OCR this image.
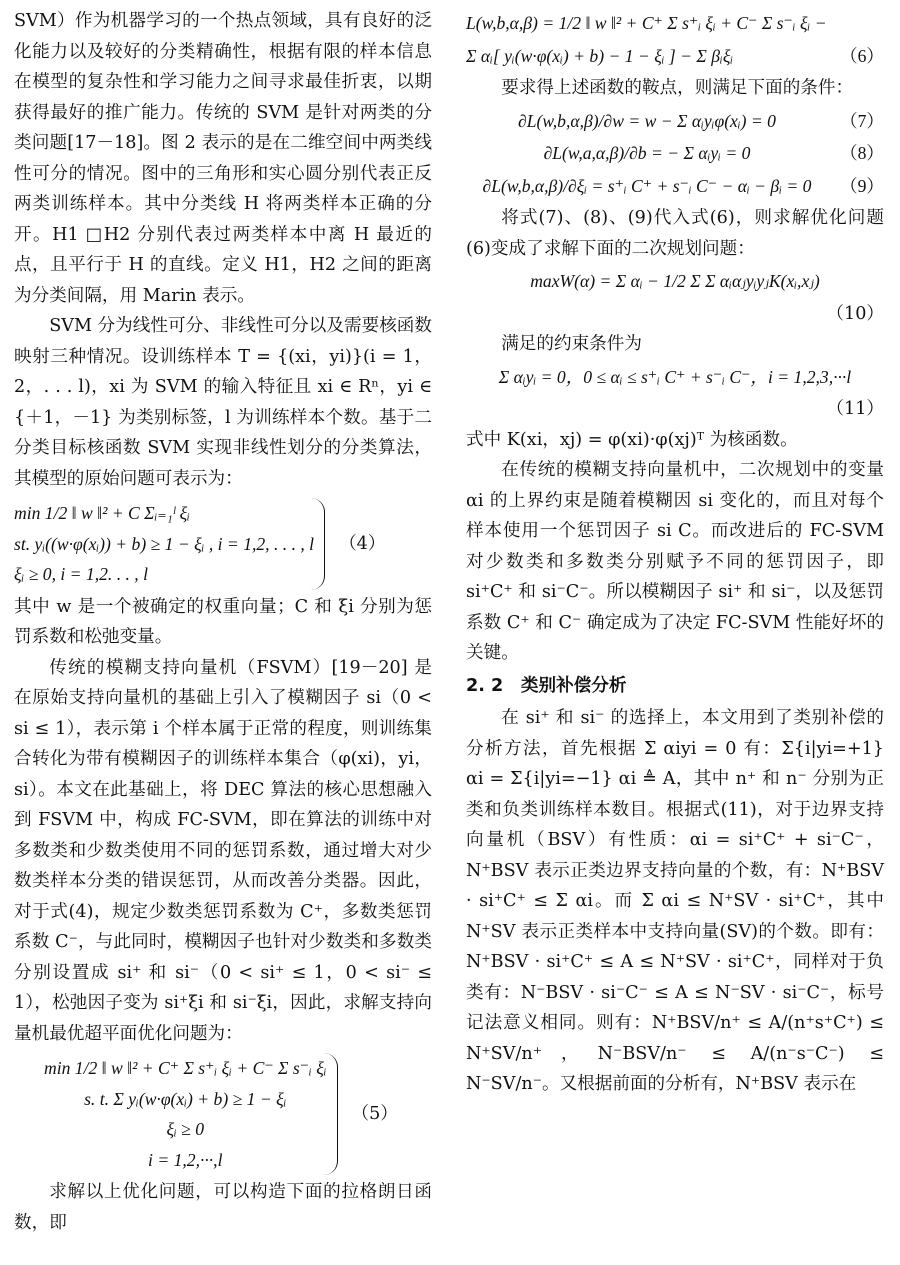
SVM）作为机器学习的一个热点领域，具有良好的泛化能力以及较好的分类精确性，根据有限的样本信息在模型的复杂性和学习能力之间寻求最佳折衷，以期获得最好的推广能力。传统的 SVM 是针对两类的分类问题[17－18]。图 2 表示的是在二维空间中两类线性可分的情况。图中的三角形和实心圆分别代表正反两类训练样本。其中分类线 H 将两类样本正确的分开。H1 □H2 分别代表过两类样本中离 H 最近的点，且平行于 H 的直线。定义 H1，H2 之间的距离为分类间隔，用 Marin 表示。

SVM 分为线性可分、非线性可分以及需要核函数映射三种情况。设训练样本 T = {(xi，yi)}(i = 1，2，. . . l)，xi 为 SVM 的输入特征且 xi ∈ Rⁿ，yi ∈ {＋1，－1} 为类别标签，l 为训练样本个数。基于二分类目标核函数 SVM 实现非线性划分的分类算法，其模型的原始问题可表示为：

min 1/2 ‖ w ‖² + C Σᵢ₌₁ˡ ξᵢ
st. yᵢ((w·φ(xᵢ)) + b) ≥ 1 − ξᵢ , i = 1,2, . . . , l
ξᵢ ≥ 0, i = 1,2. . . , l
（4）

其中 w 是一个被确定的权重向量；C 和 ξi 分别为惩罚系数和松弛变量。

传统的模糊支持向量机（FSVM）[19－20] 是在原始支持向量机的基础上引入了模糊因子 si（0 < si ≤ 1），表示第 i 个样本属于正常的程度，则训练集合转化为带有模糊因子的训练样本集合（φ(xi)，yi，si）。本文在此基础上，将 DEC 算法的核心思想融入到 FSVM 中，构成 FC-SVM，即在算法的训练中对多数类和少数类使用不同的惩罚系数，通过增大对少数类样本分类的错误惩罚，从而改善分类器。因此，对于式(4)，规定少数类惩罚系数为 C⁺，多数类惩罚系数 C⁻，与此同时，模糊因子也针对少数类和多数类分别设置成 si⁺ 和 si⁻（0 < si⁺ ≤ 1，0 < si⁻ ≤ 1），松弛因子变为 si⁺ξi 和 si⁻ξi，因此，求解支持向量机最优超平面优化问题为：

min 1/2 ‖ w ‖² + C⁺ Σ s⁺ᵢ ξᵢ + C⁻ Σ s⁻ᵢ ξᵢ
s. t. Σ yᵢ(w·φ(xᵢ) + b) ≥ 1 − ξᵢ
ξᵢ ≥ 0
i = 1,2,···,l
（5）

求解以上优化问题，可以构造下面的拉格朗日函数，即

L(w,b,α,β) = 1/2 ‖ w ‖² + C⁺ Σ s⁺ᵢ ξᵢ + C⁻ Σ s⁻ᵢ ξᵢ −
Σ αᵢ[ yᵢ(w·φ(xᵢ) + b) − 1 − ξᵢ ] − Σ βᵢξᵢ	（6）

要求得上述函数的鞍点，则满足下面的条件：

∂L(w,b,α,β)/∂w = w − Σ αᵢyᵢφ(xᵢ) = 0	（7）
∂L(w,a,α,β)/∂b = − Σ αᵢyᵢ = 0	（8）
∂L(w,b,α,β)/∂ξᵢ = s⁺ᵢ C⁺ + s⁻ᵢ C⁻ − αᵢ − βᵢ = 0	（9）

将式(7)、(8)、(9)代入式(6)，则求解优化问题(6)变成了求解下面的二次规划问题：

maxW(α) = Σ αᵢ − 1/2 Σ Σ αᵢαⱼyᵢyⱼK(xᵢ,xⱼ)
（10）

满足的约束条件为

Σ αᵢyᵢ = 0，0 ≤ αᵢ ≤ s⁺ᵢ C⁺ + s⁻ᵢ C⁻，i = 1,2,3,···l
（11）

式中 K(xi，xj) = φ(xi)·φ(xj)ᵀ 为核函数。

在传统的模糊支持向量机中，二次规划中的变量 αi 的上界约束是随着模糊因 si 变化的，而且对每个样本使用一个惩罚因子 si C。而改进后的 FC-SVM 对少数类和多数类分别赋予不同的惩罚因子，即 si⁺C⁺ 和 si⁻C⁻。所以模糊因子 si⁺ 和 si⁻，以及惩罚系数 C⁺ 和 C⁻ 确定成为了决定 FC-SVM 性能好坏的关键。

2. 2　类别补偿分析

在 si⁺ 和 si⁻ 的选择上，本文用到了类别补偿的分析方法，首先根据 Σ αiyi = 0 有：Σ{i|yi=+1} αi = Σ{i|yi=−1} αi ≜ A，其中 n⁺ 和 n⁻ 分别为正类和负类训练样本数目。根据式(11)，对于边界支持向量机（BSV）有性质：αi = si⁺C⁺ + si⁻C⁻，N⁺BSV 表示正类边界支持向量的个数，有：N⁺BSV · si⁺C⁺ ≤ Σ αi。而 Σ αi ≤ N⁺SV · si⁺C⁺，其中 N⁺SV 表示正类样本中支持向量(SV)的个数。即有：N⁺BSV · si⁺C⁺ ≤ A ≤ N⁺SV · si⁺C⁺，同样对于负类有：N⁻BSV · si⁻C⁻ ≤ A ≤ N⁻SV · si⁻C⁻，标号记法意义相同。则有：N⁺BSV/n⁺ ≤ A/(n⁺s⁺C⁺) ≤ N⁺SV/n⁺，N⁻BSV/n⁻ ≤ A/(n⁻s⁻C⁻) ≤ N⁻SV/n⁻。又根据前面的分析有，N⁺BSV 表示在
